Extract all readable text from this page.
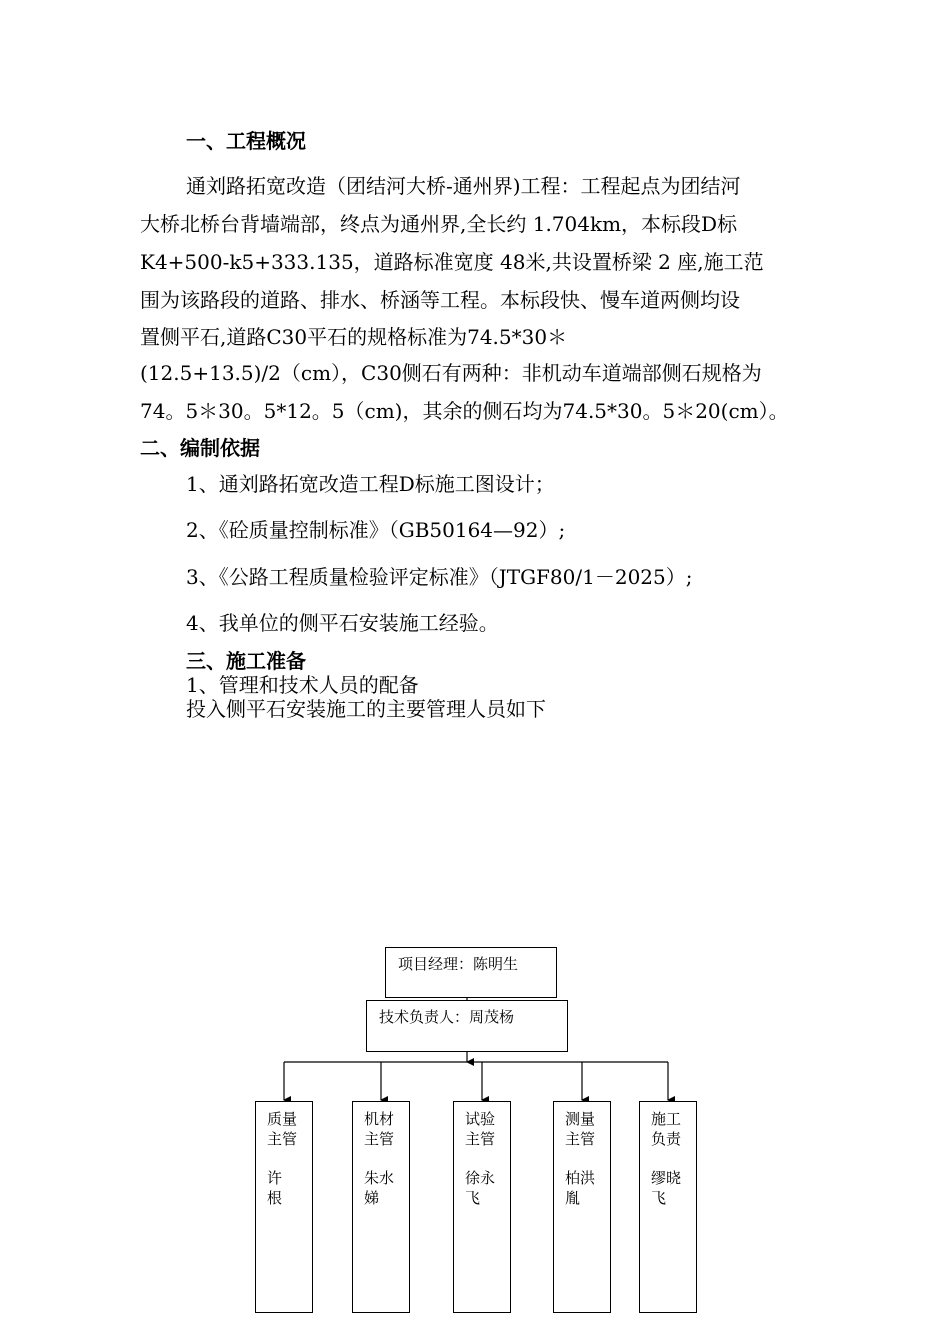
一、工程概况
通刘路拓宽改造（团结河大桥-通州界)工程：工程起点为团结河
大桥北桥台背墙端部，终点为通州界,全长约 1.704km，本标段D标
K4+500-k5+333.135，道路标准宽度 48米,共设置桥梁 2 座,施工范
围为该路段的道路、排水、桥涵等工程。本标段快、慢车道两侧均设
置侧平石,道路C30平石的规格标准为74.5*30＊
(12.5+13.5)/2（cm），C30侧石有两种：非机动车道端部侧石规格为
74。5＊30。5*12。5（cm)，其余的侧石均为74.5*30。5＊20(cm）。
二、编制依据
1、通刘路拓宽改造工程D标施工图设计；
2、《砼质量控制标准》（GB50164—92）;
3、《公路工程质量检验评定标准》（JTGF80/1－2025）;
4、我单位的侧平石安装施工经验。
三、施工准备
1、管理和技术人员的配备
投入侧平石安装施工的主要管理人员如下
项目经理：陈明生
技术负责人：周茂杨
质量
主管
许
根
机材
主管
朱水
娣
试验
主管
徐永
飞
测量
主管
柏洪
胤
施工
负责
缪晓
飞
